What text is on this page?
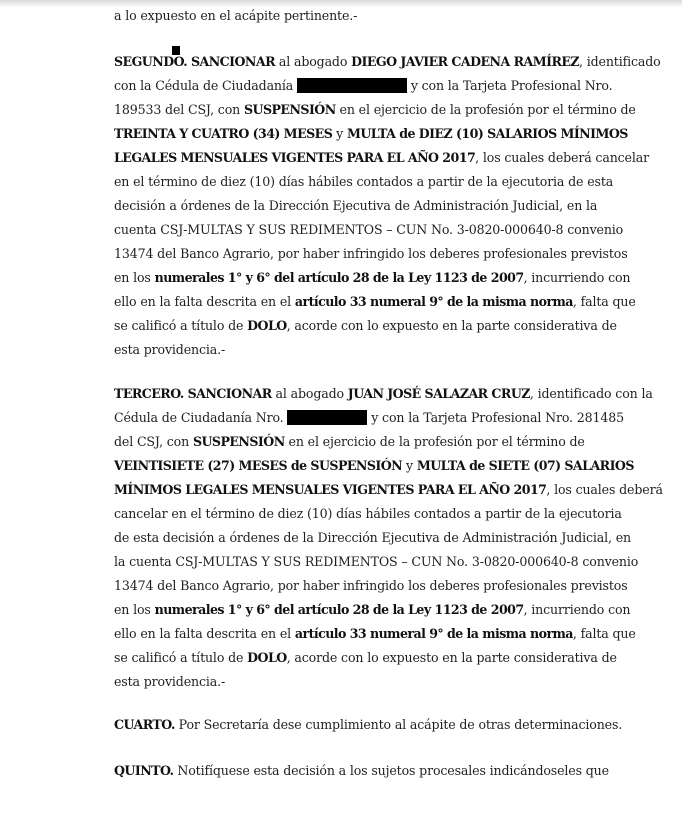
a lo expuesto en el acápite pertinente.-
SEGUNDO. SANCIONAR al abogado DIEGO JAVIER CADENA RAMÍREZ, identificado
con la Cédula de Ciudadanía	y con la Tarjeta Profesional Nro.
189533 del CSJ, con SUSPENSIÓN en el ejercicio de la profesión por el término de
TREINTA Y CUATRO (34) MESES y MULTA de DIEZ (10) SALARIOS MÍNIMOS
LEGALES MENSUALES VIGENTES PARA EL AÑO 2017, los cuales deberá cancelar
en el término de diez (10) días hábiles contados a partir de la ejecutoria de esta
decisión a órdenes de la Dirección Ejecutiva de Administración Judicial, en la
cuenta CSJ-MULTAS Y SUS REDIMENTOS – CUN No. 3-0820-000640-8 convenio
13474 del Banco Agrario, por haber infringido los deberes profesionales previstos
en los numerales 1° y 6° del artículo 28 de la Ley 1123 de 2007, incurriendo con
ello en la falta descrita en el artículo 33 numeral 9° de la misma norma, falta que
se calificó a título de DOLO, acorde con lo expuesto en la parte considerativa de
esta providencia.-
TERCERO. SANCIONAR al abogado JUAN JOSÉ SALAZAR CRUZ, identificado con la
Cédula de Ciudadanía Nro.	y con la Tarjeta Profesional Nro. 281485
del CSJ, con SUSPENSIÓN en el ejercicio de la profesión por el término de
VEINTISIETE (27) MESES de SUSPENSIÓN y MULTA de SIETE (07) SALARIOS
MÍNIMOS LEGALES MENSUALES VIGENTES PARA EL AÑO 2017, los cuales deberá
cancelar en el término de diez (10) días hábiles contados a partir de la ejecutoria
de esta decisión a órdenes de la Dirección Ejecutiva de Administración Judicial, en
la cuenta CSJ-MULTAS Y SUS REDIMENTOS – CUN No. 3-0820-000640-8 convenio
13474 del Banco Agrario, por haber infringido los deberes profesionales previstos
en los numerales 1° y 6° del artículo 28 de la Ley 1123 de 2007, incurriendo con
ello en la falta descrita en el artículo 33 numeral 9° de la misma norma, falta que
se calificó a título de DOLO, acorde con lo expuesto en la parte considerativa de
esta providencia.-
CUARTO. Por Secretaría dese cumplimiento al acápite de otras determinaciones.
QUINTO. Notifíquese esta decisión a los sujetos procesales indicándoseles que
